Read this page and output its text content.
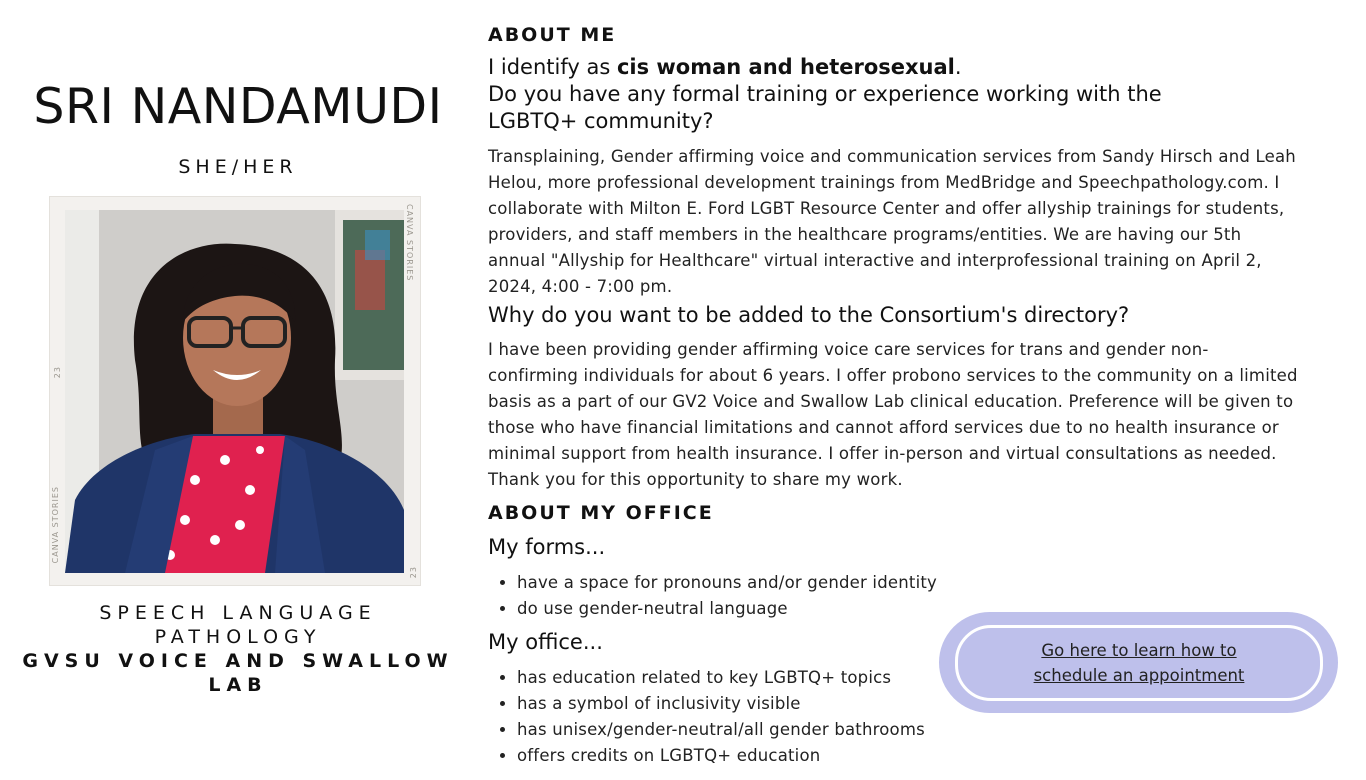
SRI NANDAMUDI
SHE/HER
CANVA STORIES
CANVA STORIES
23
23
SPEECH LANGUAGE PATHOLOGY
GVSU VOICE AND SWALLOW LAB
ABOUT ME
I identify as cis woman and heterosexual.
Do you have any formal training or experience working with the LGBTQ+ community?
Transplaining, Gender affirming voice and communication services from Sandy Hirsch and Leah Helou, more professional development trainings from MedBridge and Speechpathology.com. I collaborate with Milton E. Ford LGBT Resource Center and offer allyship trainings for students, providers, and staff members in the healthcare programs/entities. We are having our 5th annual "Allyship for Healthcare" virtual interactive and interprofessional training on April 2, 2024, 4:00 - 7:00 pm.
Why do you want to be added to the Consortium's directory?
I have been providing gender affirming voice care services for trans and gender non-confirming individuals for about 6 years. I offer probono services to the community on a limited basis as a part of our GV2 Voice and Swallow Lab clinical education. Preference will be given to those who have financial limitations and cannot afford services due to no health insurance or minimal support from health insurance. I offer in-person and virtual consultations as needed. Thank you for this opportunity to share my work.
ABOUT MY OFFICE
My forms...
• have a space for pronouns and/or gender identity
• do use gender-neutral language
My office...
• has education related to key LGBTQ+ topics
• has a symbol of inclusivity visible
• has unisex/gender-neutral/all gender bathrooms
• offers credits on LGBTQ+ education
Go here to learn how to schedule an appointment
